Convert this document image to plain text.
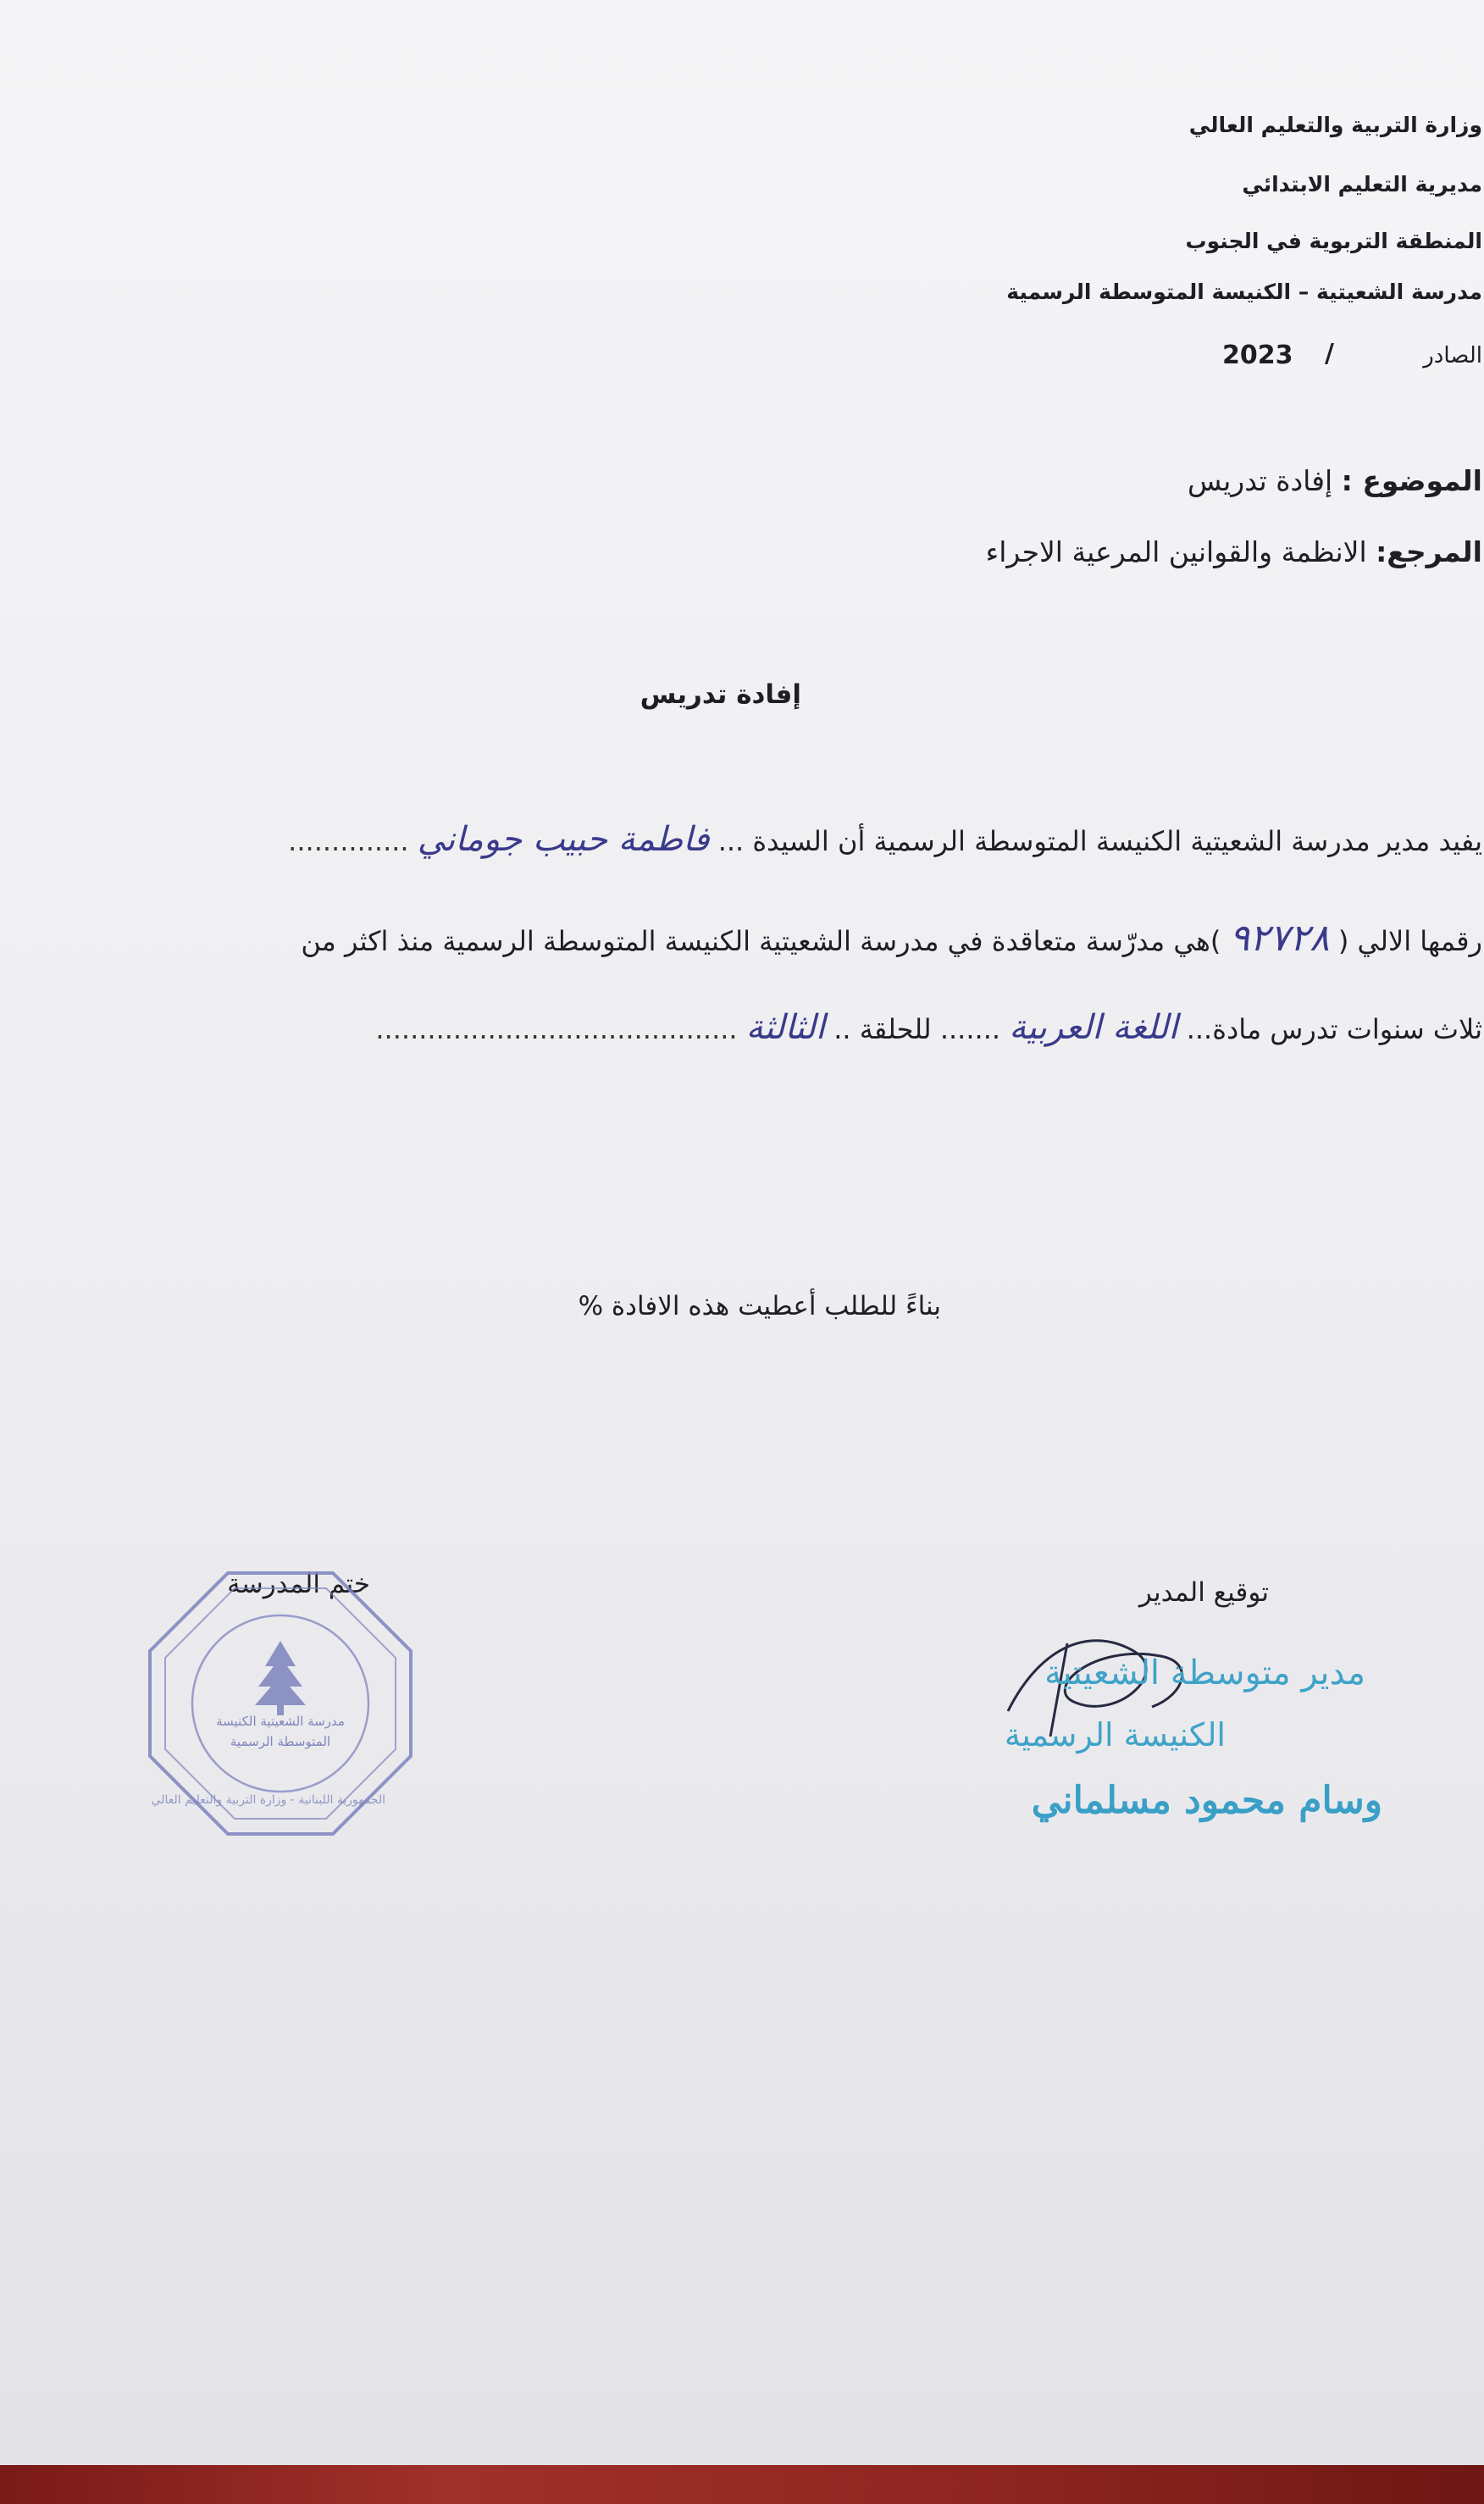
وزارة التربية والتعليم العالي
مديرية التعليم الابتدائي
المنطقة التربوية في الجنوب
مدرسة الشعيتية – الكنيسة المتوسطة الرسمية
الصادر
/
2023
الموضوع : إفادة تدريس
المرجع: الانظمة والقوانين المرعية الاجراء
إفادة تدريس
يفيد مدير مدرسة الشعيتية الكنيسة المتوسطة الرسمية أن السيدة ... فاطمة حبيب جوماني ..............
رقمها الالي ( ٩٢٧٢٨ )هي مدرّسة متعاقدة في مدرسة الشعيتية الكنيسة المتوسطة الرسمية منذ اكثر من
ثلاث سنوات تدرس مادة... اللغة العربية ....... للحلقة .. الثالثة ..........................................
بناءً للطلب أعطيت هذه الافادة %
ختم المدرسة
مدرسة الشعيتية الكنيسة
المتوسطة الرسمية
الجمهورية اللبنانية - وزارة التربية والتعليم العالي
توقيع المدير
مدير متوسطة الشعيتية
الكنيسة الرسمية
وسام محمود مسلماني
